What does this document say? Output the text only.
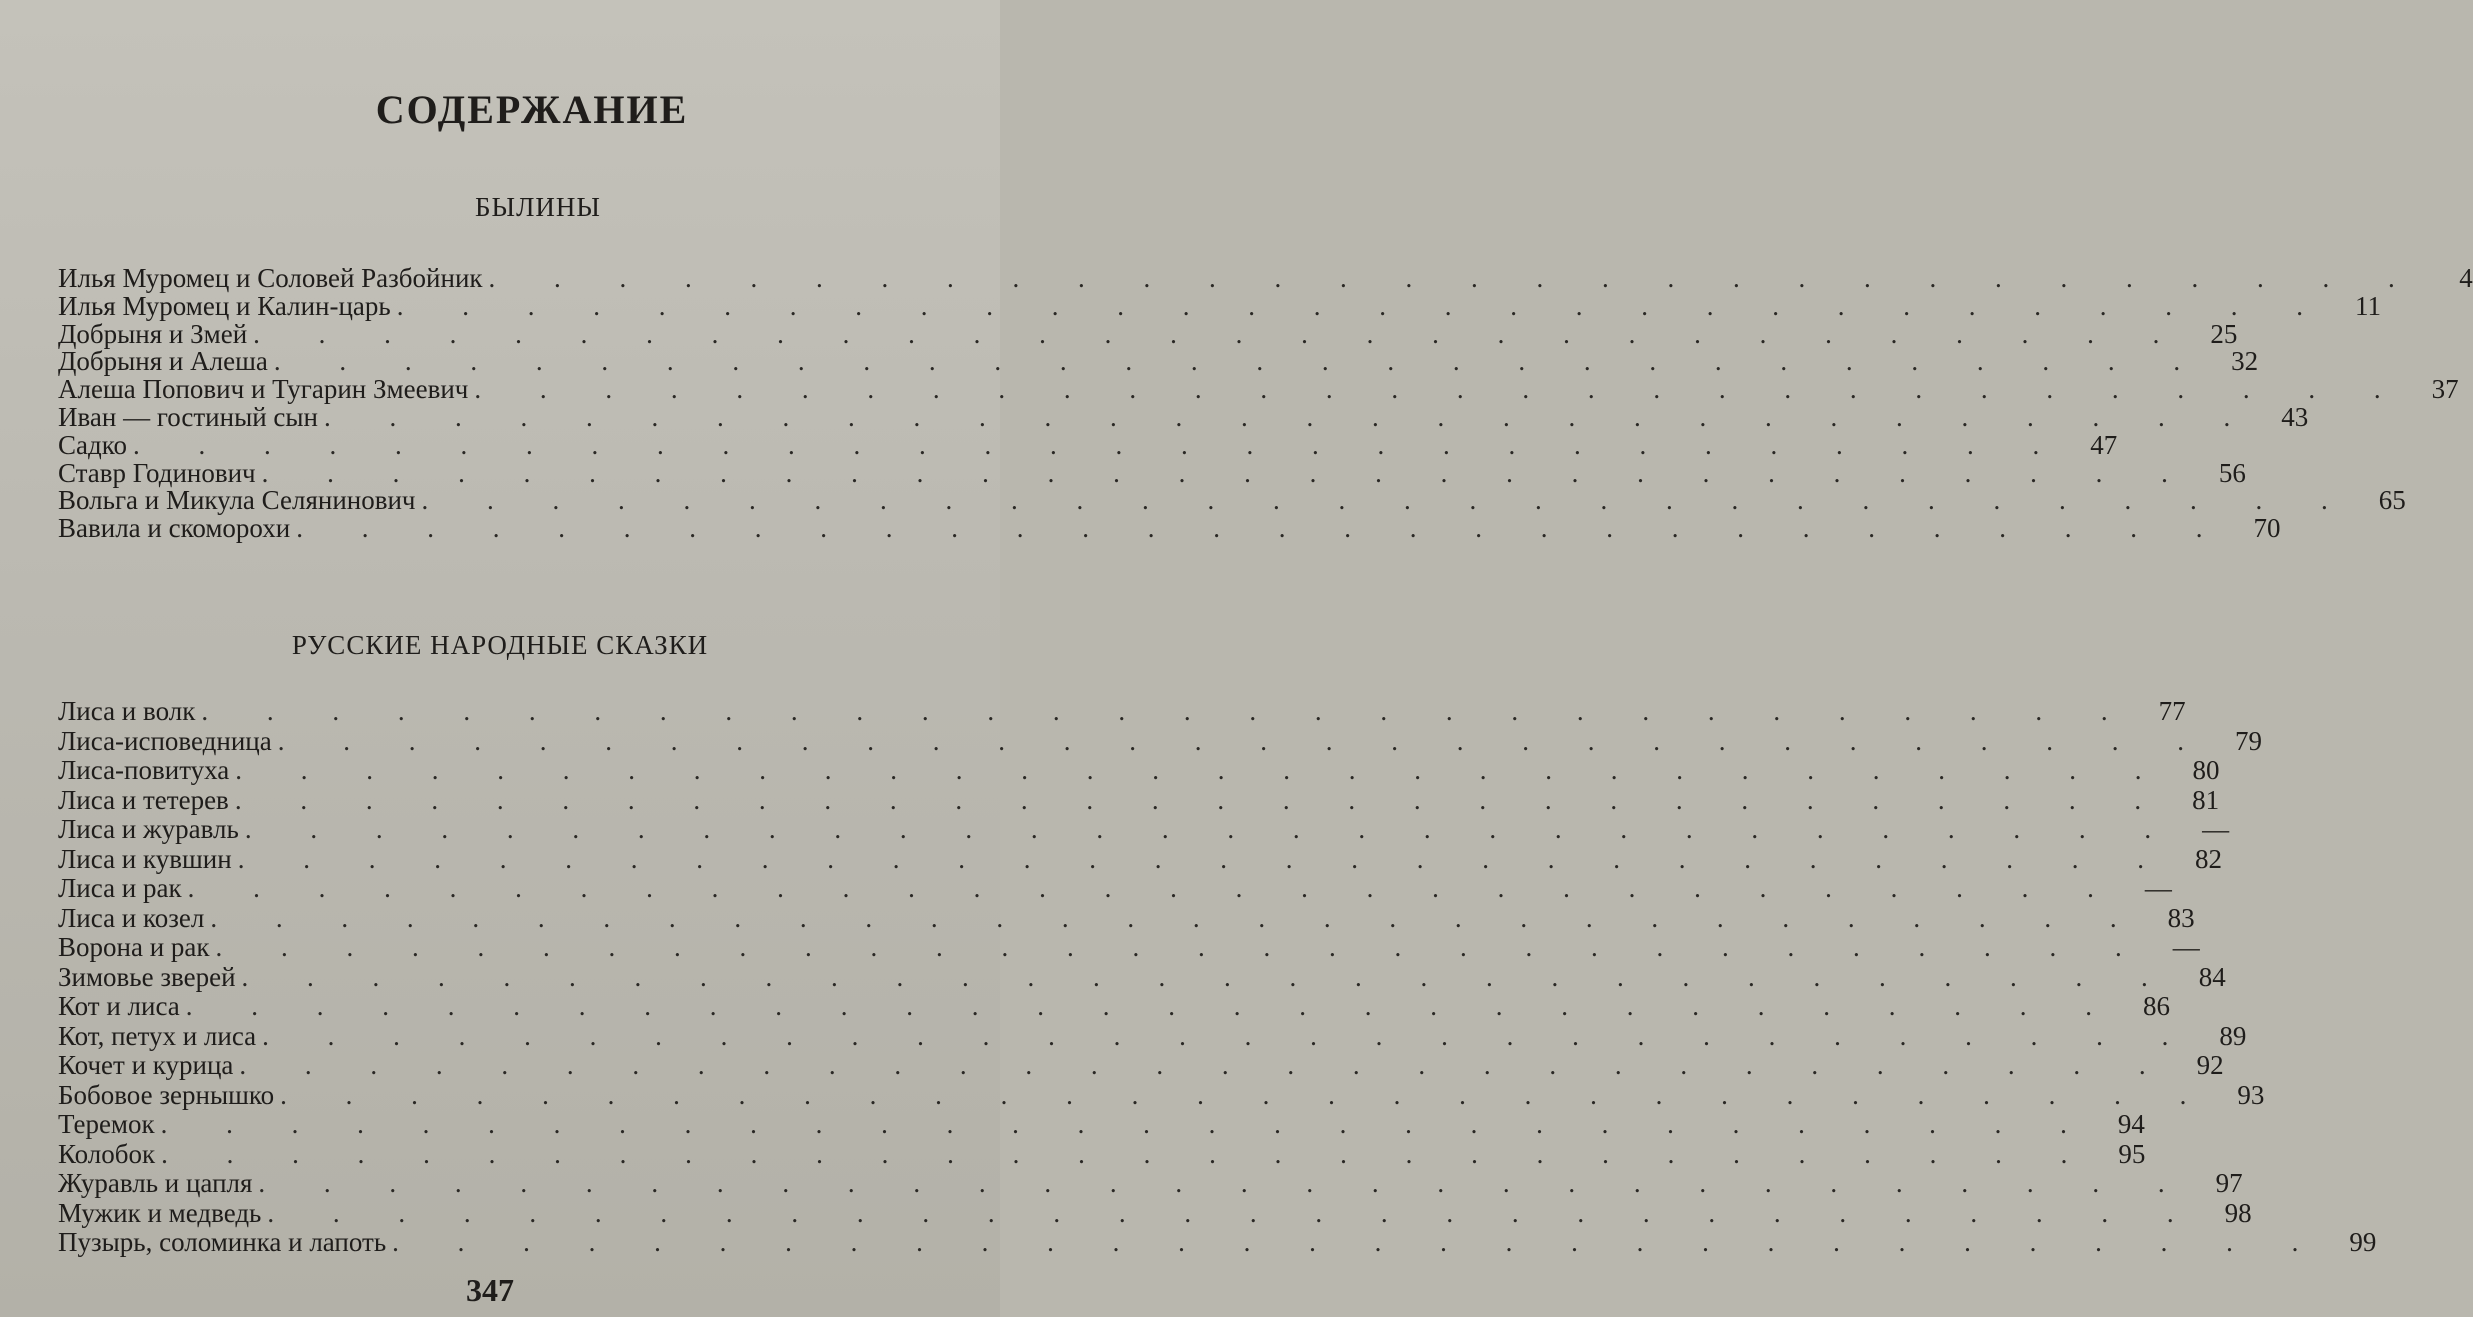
СОДЕРЖАНИЕ
БЫЛИНЫ
Илья Муромец и Соловей Разбойник . . . . . . . . . . . . . . . . . . . . . . . . . . . . . .	4
Илья Муромец и Калин-царь . . . . . . . . . . . . . . . . . . . . . . . . . . . . . . 11
Добрыня и Змей . . . . . . . . . . . . . . . . . . . . . . . . . . . . . . 25
Добрыня и Алеша . . . . . . . . . . . . . . . . . . . . . . . . . . . . . . 32
Алеша Попович и Тугарин Змеевич . . . . . . . . . . . . . . . . . . . . . . . . . . . . . . 37
Иван — гостиный сын . . . . . . . . . . . . . . . . . . . . . . . . . . . . . . 43
Садко . . . . . . . . . . . . . . . . . . . . . . . . . . . . . . 47
Ставр Годинович . . . . . . . . . . . . . . . . . . . . . . . . . . . . . . 56
Вольга и Микула Селянинович . . . . . . . . . . . . . . . . . . . . . . . . . . . . . . 65
Вавила и скоморохи . . . . . . . . . . . . . . . . . . . . . . . . . . . . . . 70
РУССКИЕ НАРОДНЫЕ СКАЗКИ
Лиса и волк . . . . . . . . . . . . . . . . . . . . . . . . . . . . . . 77
Лиса-исповедница . . . . . . . . . . . . . . . . . . . . . . . . . . . . . . 79
Лиса-повитуха . . . . . . . . . . . . . . . . . . . . . . . . . . . . . . 80
Лиса и тетерев . . . . . . . . . . . . . . . . . . . . . . . . . . . . . . 81
Лиса и журавль . . . . . . . . . . . . . . . . . . . . . . . . . . . . . . —
Лиса и кувшин . . . . . . . . . . . . . . . . . . . . . . . . . . . . . . 82
Лиса и рак . . . . . . . . . . . . . . . . . . . . . . . . . . . . . . —
Лиса и козел . . . . . . . . . . . . . . . . . . . . . . . . . . . . . . 83
Ворона и рак . . . . . . . . . . . . . . . . . . . . . . . . . . . . . . —
Зимовье зверей . . . . . . . . . . . . . . . . . . . . . . . . . . . . . . 84
Кот и лиса . . . . . . . . . . . . . . . . . . . . . . . . . . . . . . 86
Кот, петух и лиса . . . . . . . . . . . . . . . . . . . . . . . . . . . . . . 89
Кочет и курица . . . . . . . . . . . . . . . . . . . . . . . . . . . . . . 92
Бобовое зернышко . . . . . . . . . . . . . . . . . . . . . . . . . . . . . . 93
Теремок . . . . . . . . . . . . . . . . . . . . . . . . . . . . . . 94
Колобок . . . . . . . . . . . . . . . . . . . . . . . . . . . . . . 95
Журавль и цапля . . . . . . . . . . . . . . . . . . . . . . . . . . . . . . 97
Мужик и медведь . . . . . . . . . . . . . . . . . . . . . . . . . . . . . . 98
Пузырь, соломинка и лапоть . . . . . . . . . . . . . . . . . . . . . . . . . . . . . . 99
347
